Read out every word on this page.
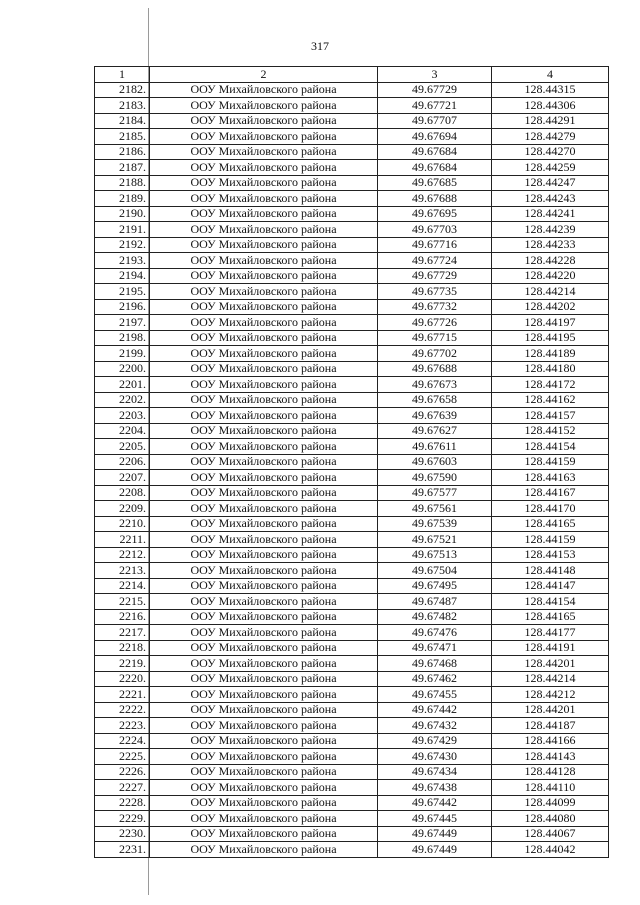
317
1	2	3	4
2182.	ООУ Михайловского района	49.67729	128.44315
2183.	ООУ Михайловского района	49.67721	128.44306
2184.	ООУ Михайловского района	49.67707	128.44291
2185.	ООУ Михайловского района	49.67694	128.44279
2186.	ООУ Михайловского района	49.67684	128.44270
2187.	ООУ Михайловского района	49.67684	128.44259
2188.	ООУ Михайловского района	49.67685	128.44247
2189.	ООУ Михайловского района	49.67688	128.44243
2190.	ООУ Михайловского района	49.67695	128.44241
2191.	ООУ Михайловского района	49.67703	128.44239
2192.	ООУ Михайловского района	49.67716	128.44233
2193.	ООУ Михайловского района	49.67724	128.44228
2194.	ООУ Михайловского района	49.67729	128.44220
2195.	ООУ Михайловского района	49.67735	128.44214
2196.	ООУ Михайловского района	49.67732	128.44202
2197.	ООУ Михайловского района	49.67726	128.44197
2198.	ООУ Михайловского района	49.67715	128.44195
2199.	ООУ Михайловского района	49.67702	128.44189
2200.	ООУ Михайловского района	49.67688	128.44180
2201.	ООУ Михайловского района	49.67673	128.44172
2202.	ООУ Михайловского района	49.67658	128.44162
2203.	ООУ Михайловского района	49.67639	128.44157
2204.	ООУ Михайловского района	49.67627	128.44152
2205.	ООУ Михайловского района	49.67611	128.44154
2206.	ООУ Михайловского района	49.67603	128.44159
2207.	ООУ Михайловского района	49.67590	128.44163
2208.	ООУ Михайловского района	49.67577	128.44167
2209.	ООУ Михайловского района	49.67561	128.44170
2210.	ООУ Михайловского района	49.67539	128.44165
2211.	ООУ Михайловского района	49.67521	128.44159
2212.	ООУ Михайловского района	49.67513	128.44153
2213.	ООУ Михайловского района	49.67504	128.44148
2214.	ООУ Михайловского района	49.67495	128.44147
2215.	ООУ Михайловского района	49.67487	128.44154
2216.	ООУ Михайловского района	49.67482	128.44165
2217.	ООУ Михайловского района	49.67476	128.44177
2218.	ООУ Михайловского района	49.67471	128.44191
2219.	ООУ Михайловского района	49.67468	128.44201
2220.	ООУ Михайловского района	49.67462	128.44214
2221.	ООУ Михайловского района	49.67455	128.44212
2222.	ООУ Михайловского района	49.67442	128.44201
2223.	ООУ Михайловского района	49.67432	128.44187
2224.	ООУ Михайловского района	49.67429	128.44166
2225.	ООУ Михайловского района	49.67430	128.44143
2226.	ООУ Михайловского района	49.67434	128.44128
2227.	ООУ Михайловского района	49.67438	128.44110
2228.	ООУ Михайловского района	49.67442	128.44099
2229.	ООУ Михайловского района	49.67445	128.44080
2230.	ООУ Михайловского района	49.67449	128.44067
2231.	ООУ Михайловского района	49.67449	128.44042
